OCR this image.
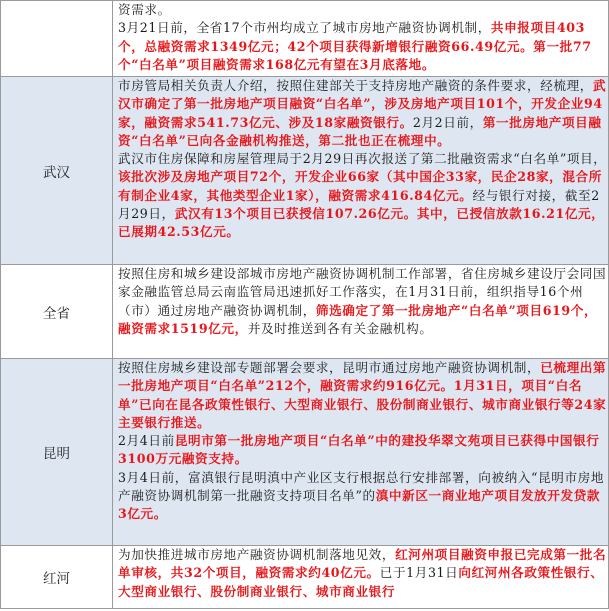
	资需求。
3月21日前，全省17个市州均成立了城市房地产融资协调机制，共申报项目403个，总融资需求1349亿元；42个项目获得新增银行融资66.49亿元。第一批77个“白名单”项目融资需求168亿元有望在3月底落地。

武汉	市房管局相关负责人介绍，按照住建部关于支持房地产融资的条件要求，经梳理，武汉市确定了第一批房地产项目融资“白名单”，涉及房地产项目101个，开发企业94家，融资需求541.73亿元、涉及18家融资银行。2月2日前，第一批房地产项目融资“白名单”已向各金融机构推送，第二批也正在梳理中。
武汉市住房保障和房屋管理局于2月29日再次报送了第二批融资需求“白名单”项目，该批次涉及房地产项目72个，开发企业66家（其中国企33家，民企28家，混合所有制企业4家，其他类型企业1家），融资需求416.84亿元。经与银行对接，截至2月29日，武汉有13个项目已获授信107.26亿元。其中，已授信放款16.21亿元，已展期42.53亿元。

全省	按照住房和城乡建设部城市房地产融资协调机制工作部署，省住房城乡建设厅会同国家金融监管总局云南监管局迅速抓好工作落实，在1月31日前，组织指导16个州（市）通过房地产融资协调机制，筛选确定了第一批房地产“白名单”项目619个，融资需求1519亿元，并及时推送到各有关金融机构。

昆明	按照住房城乡建设部专题部署会要求，昆明市通过房地产融资协调机制，已梳理出第一批房地产项目“白名单”212个，融资需求约916亿元。1月31日，项目“白名单”已向在昆各政策性银行、大型商业银行、股份制商业银行、城市商业银行等24家主要银行推送。
2月4日前昆明市第一批房地产项目“白名单”中的建投华翠文苑项目已获得中国银行3100万元融资支持。
3月4日前，富滇银行昆明滇中产业区支行根据总行安排部署，向被纳入“昆明市房地产融资协调机制第一批融资支持项目名单”的滇中新区一商业地产项目发放开发贷款3亿元。

红河	为加快推进城市房地产融资协调机制落地见效，红河州项目融资申报已完成第一批名单审核，共32个项目，融资需求约40亿元。已于1月31日向红河州各政策性银行、大型商业银行、股份制商业银行、城市商业银行
